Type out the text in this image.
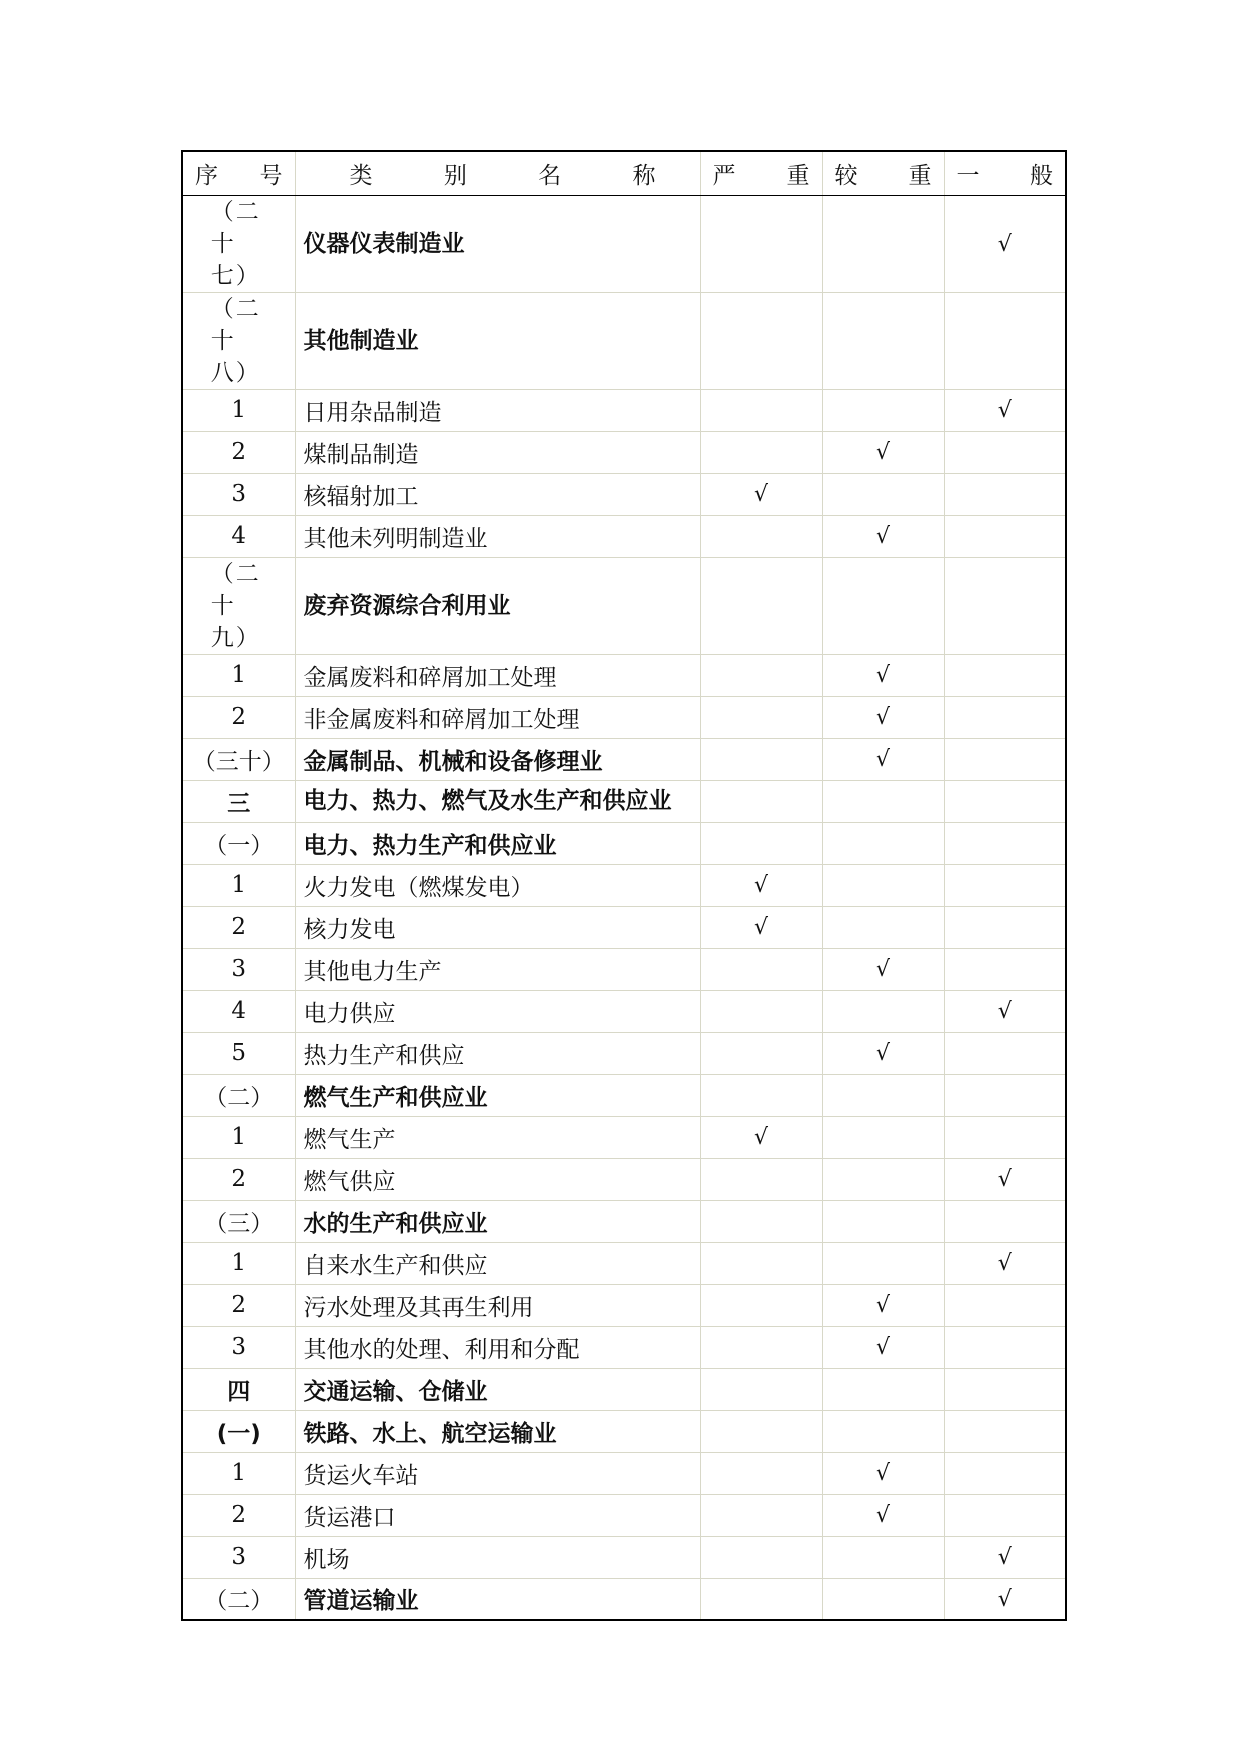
序 号	类 别 名 称	严 重	较 重	一 般

（二十七）	仪器仪表制造业			√
（二十八）	其他制造业			
1	日用杂品制造			√
2	煤制品制造		√	
3	核辐射加工	√		
4	其他未列明制造业		√	
（二十九）	废弃资源综合利用业			
1	金属废料和碎屑加工处理		√	
2	非金属废料和碎屑加工处理		√	
（三十）	金属制品、机械和设备修理业		√	
三	电力、热力、燃气及水生产和供应业			
（一）	电力、热力生产和供应业			
1	火力发电（燃煤发电）	√		
2	核力发电	√		
3	其他电力生产		√	
4	电力供应			√
5	热力生产和供应		√	
（二）	燃气生产和供应业			
1	燃气生产	√		
2	燃气供应			√
（三）	水的生产和供应业			
1	自来水生产和供应			√
2	污水处理及其再生利用		√	
3	其他水的处理、利用和分配		√	
四	交通运输、仓储业			
(一)	铁路、水上、航空运输业			
1	货运火车站		√	
2	货运港口		√	
3	机场			√
（二）	管道运输业			√
